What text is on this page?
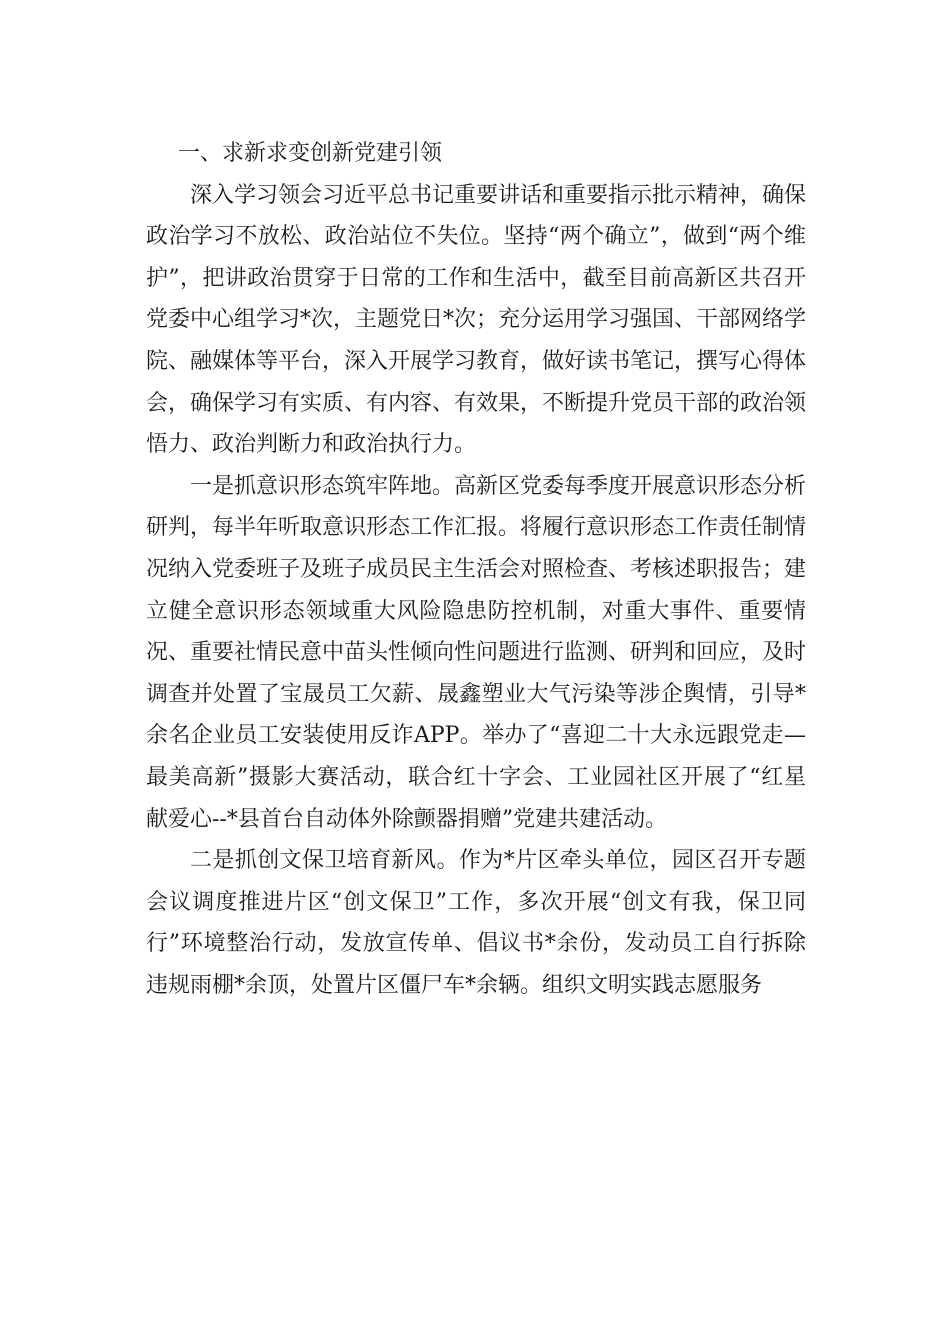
一、求新求变创新党建引领

深入学习领会习近平总书记重要讲话和重要指示批示精神，确保政治学习不放松、政治站位不失位。坚持“两个确立”，做到“两个维护”，把讲政治贯穿于日常的工作和生活中，截至目前高新区共召开党委中心组学习*次，主题党日*次；充分运用学习强国、干部网络学院、融媒体等平台，深入开展学习教育，做好读书笔记，撰写心得体会，确保学习有实质、有内容、有效果，不断提升党员干部的政治领悟力、政治判断力和政治执行力。

一是抓意识形态筑牢阵地。高新区党委每季度开展意识形态分析研判，每半年听取意识形态工作汇报。将履行意识形态工作责任制情况纳入党委班子及班子成员民主生活会对照检查、考核述职报告；建立健全意识形态领域重大风险隐患防控机制，对重大事件、重要情况、重要社情民意中苗头性倾向性问题进行监测、研判和回应，及时调查并处置了宝晟员工欠薪、晟鑫塑业大气污染等涉企舆情，引导*余名企业员工安装使用反诈APP。举办了“喜迎二十大永远跟党走—最美高新”摄影大赛活动，联合红十字会、工业园社区开展了“红星献爱心--*县首台自动体外除颤器捐赠”党建共建活动。

二是抓创文保卫培育新风。作为*片区牵头单位，园区召开专题会议调度推进片区“创文保卫”工作，多次开展“创文有我，保卫同行”环境整治行动，发放宣传单、倡议书*余份，发动员工自行拆除违规雨棚*余顶，处置片区僵尸车*余辆。组织文明实践志愿服务
